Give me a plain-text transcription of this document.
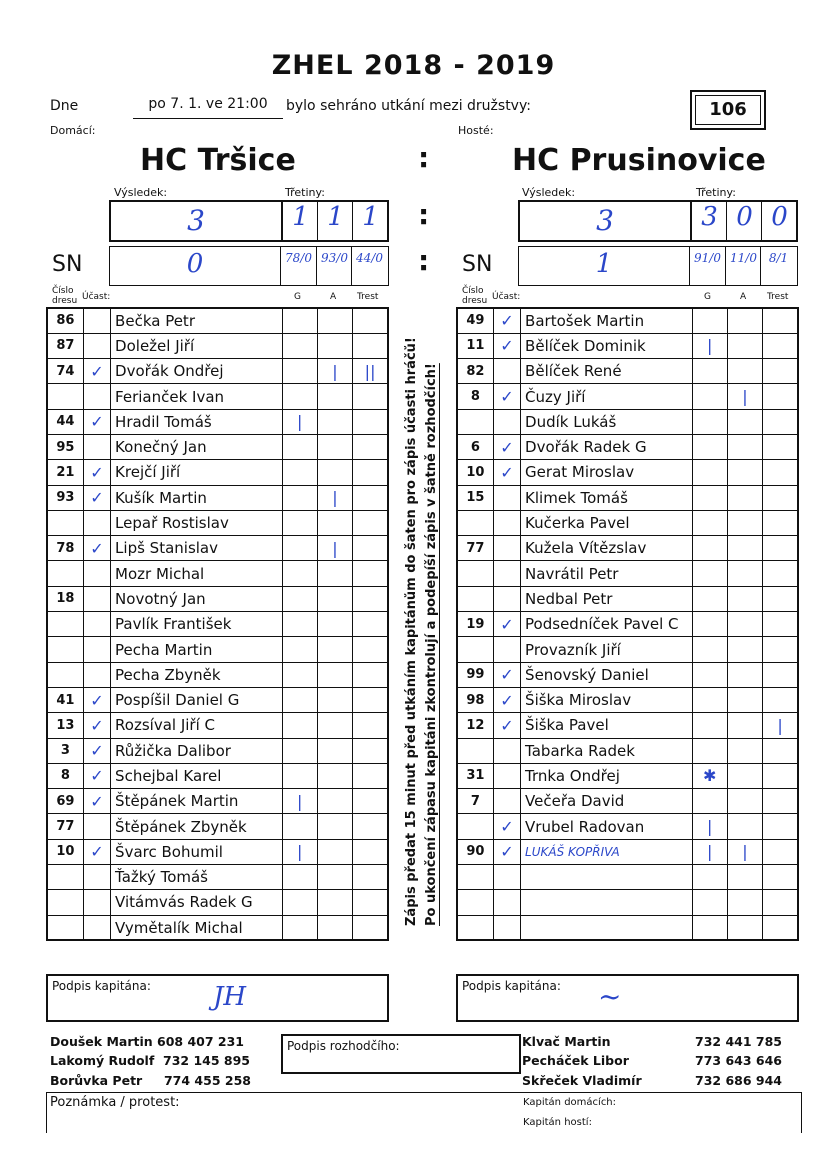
ZHEL 2018 - 2019
Dne	po 7. 1. ve 21:00	bylo sehráno utkání mezi družstvy:	106
Domácí:	Hosté:
HC Tršice	:	HC Prusinovice
Výsledek:	Třetiny:	Výsledek:	Třetiny:
3	1 1 1	:	3	3 0 0
SN	0	78/0 93/0 44/0 : SN	1	91/0 11/0 8/1
Číslo dresu Účast:	G	A Trest
Číslo dresu Účast:	G	A Trest
86		Bečka Petr			
87		Doležel Jiří			
74	✓	Dvořák Ondřej		|	||
		Ferianček Ivan			
44	✓	Hradil Tomáš	|		
95		Konečný Jan			
21	✓	Krejčí Jiří			
93	✓	Kušík Martin		|	
		Lepař Rostislav			
78	✓	Lipš Stanislav		|	
		Mozr Michal			
18		Novotný Jan			
		Pavlík František			
		Pecha Martin			
		Pecha Zbyněk			
41	✓	Pospíšil Daniel G			
13	✓	Rozsíval Jiří C			
3	✓	Růžička Dalibor			
8	✓	Schejbal Karel			
69	✓	Štěpánek Martin	|		
77		Štěpánek Zbyněk			
10	✓	Švarc Bohumil	|		
		Ťažký Tomáš			
		Vitámvás Radek G			
		Vymětalík Michal			
49	✓	Bartošek Martin			
11	✓	Bělíček Dominik	|		
82		Bělíček René			
8	✓	Čuzy Jiří		|	
		Dudík Lukáš			
6	✓	Dvořák Radek G			
10	✓	Gerat Miroslav			
15		Klimek Tomáš			
		Kučerka Pavel			
77		Kužela Vítězslav			
		Navrátil Petr			
		Nedbal Petr			
19	✓	Podsedníček Pavel C			
		Provazník Jiří			
99	✓	Šenovský Daniel			
98	✓	Šiška Miroslav			
12	✓	Šiška Pavel			|
		Tabarka Radek			
31		Trnka Ondřej	✱		
7		Večeřa David			
	✓	Vrubel Radovan	|		
90	✓	LUKÁŠ KOPŘIVA	|	|	

Zápis předat 15 minut před utkáním kapitánům do šaten pro zápis účasti hráčů! Po ukončení zápasu kapitáni zkontrolují a podepíší zápis v šatně rozhodčích!
Podpis kapitána: JH	Podpis kapitána: ~
Doušek Martin 608 407 231
Lakomý Rudolf 732 145 895
Borůvka Petr 774 455 258
Podpis rozhodčího:	Klvač Martin	732 441 785
Pecháček Libor	773 643 646
Skřeček Vladimír	732 686 944
Poznámka / protest:	Kapitán domácích:
Kapitán hostí:
